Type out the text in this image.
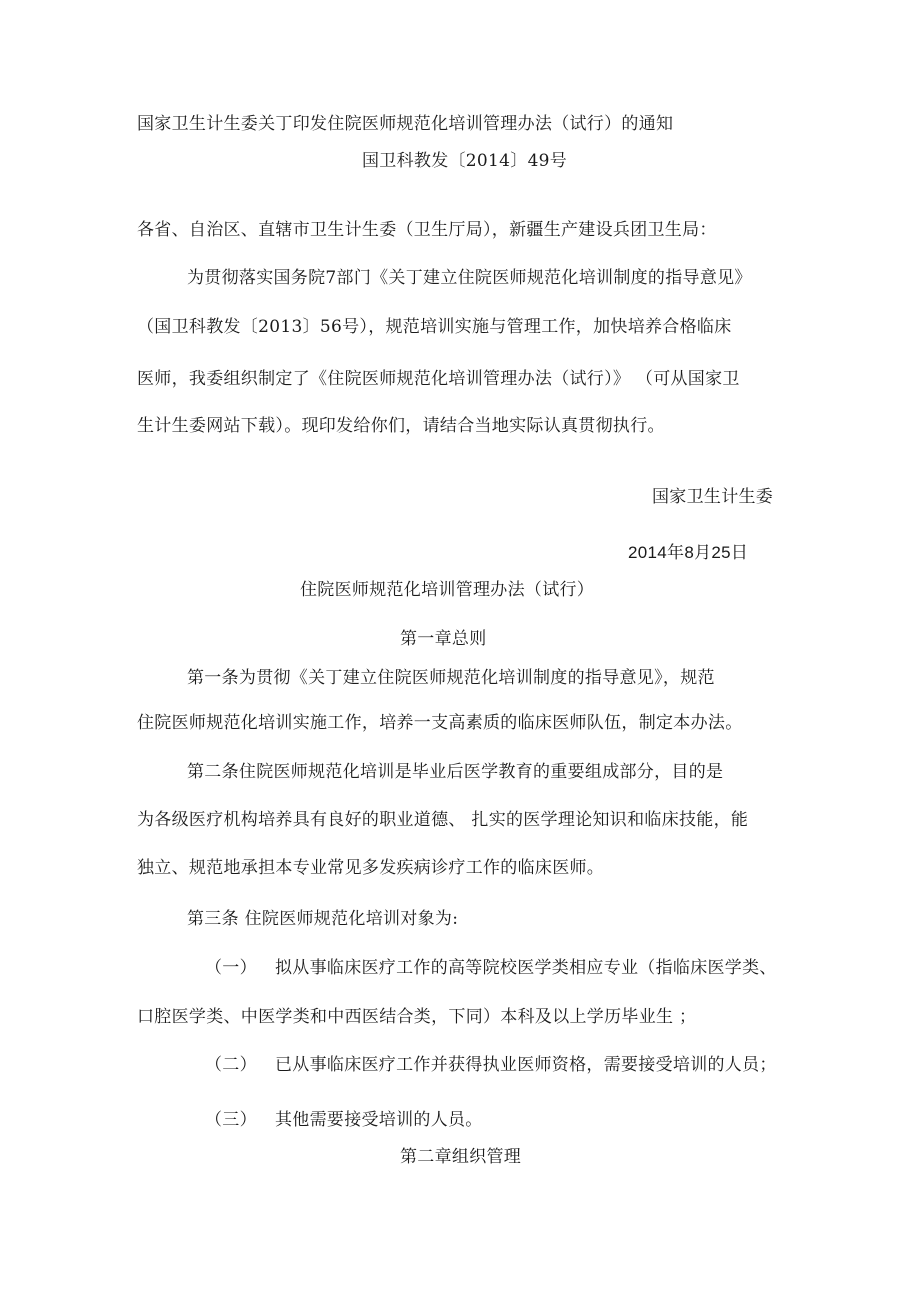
国家卫生计生委关丁印发住院医师规范化培训管理办法（试行）的通知
国卫科教发〔2014〕49号
各省、自治区、直辖市卫生计生委（卫生厅局），新疆生产建设兵团卫生局：
为贯彻落实国务院7部门《关丁建立住院医师规范化培训制度的指导意见》
（国卫科教发〔2013〕56号），规范培训实施与管理工作，加快培养合格临床
医师，我委组织制定了《住院医师规范化培训管理办法（试行）》 （可从国家卫
生计生委网站下载）。现印发给你们，请结合当地实际认真贯彻执行。
国家卫生计生委
2014年8月25日
住院医师规范化培训管理办法（试行）
第一章总则
第一条为贯彻《关丁建立住院医师规范化培训制度的指导意见》，规范
住院医师规范化培训实施工作，培养一支高素质的临床医师队伍，制定本办法。
第二条住院医师规范化培训是毕业后医学教育的重要组成部分，目的是
为各级医疗机构培养具有良好的职业道德、 扎实的医学理论知识和临床技能，能
独立、规范地承担本专业常见多发疾病诊疗工作的临床医师。
第三条 住院医师规范化培训对象为:
（一） 拟从事临床医疗工作的高等院校医学类相应专业（指临床医学类、
口腔医学类、中医学类和中西医结合类，下同）本科及以上学历毕业生 ；
（二） 已从事临床医疗工作并获得执业医师资格，需要接受培训的人员；
（三） 其他需要接受培训的人员。
第二章组织管理
